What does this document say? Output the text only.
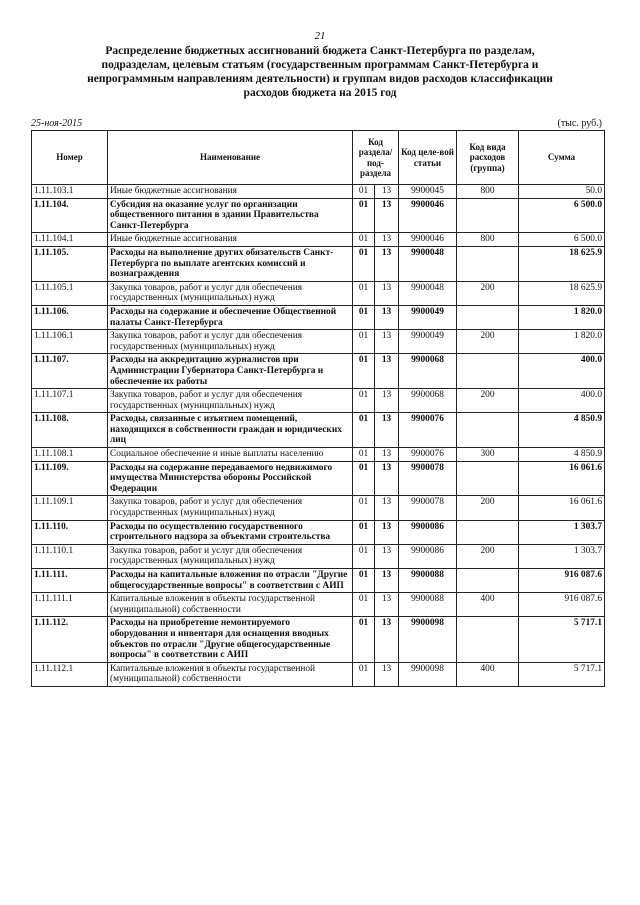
21
Распределение бюджетных ассигнований бюджета Санкт-Петербурга по разделам, подразделам, целевым статьям (государственным программам Санкт-Петербурга и непрограммным направлениям деятельности) и группам видов расходов классификации расходов бюджета на 2015 год
25-ноя-2015	(тыс. руб.)
Номер	Наименование	Код раздела/под-раздела		Код целе-вой статьи	Код вида расходов (группа)	Сумма
1.11.103.1	Иные бюджетные ассигнования	01	13	9900045	800	50.0
1.11.104.	Субсидия на оказание услуг по организации общественного питания в здании Правительства Санкт-Петербурга	01	13	9900046		6 500.0
1.11.104.1	Иные бюджетные ассигнования	01	13	9900046	800	6 500.0
1.11.105.	Расходы на выполнение других обязательств Санкт-Петербурга по выплате агентских комиссий и вознаграждения	01	13	9900048		18 625.9
1.11.105.1	Закупка товаров, работ и услуг для обеспечения государственных (муниципальных) нужд	01	13	9900048	200	18 625.9
1.11.106.	Расходы на содержание и обеспечение Общественной палаты Санкт-Петербурга	01	13	9900049		1 820.0
1.11.106.1	Закупка товаров, работ и услуг для обеспечения государственных (муниципальных) нужд	01	13	9900049	200	1 820.0
1.11.107.	Расходы на аккредитацию журналистов при Администрации Губернатора Санкт-Петербурга и обеспечение их работы	01	13	9900068		400.0
1.11.107.1	Закупка товаров, работ и услуг для обеспечения государственных (муниципальных) нужд	01	13	9900068	200	400.0
1.11.108.	Расходы, связанные с изъятием помещений, находящихся в собственности граждан и юридических лиц	01	13	9900076		4 850.9
1.11.108.1	Социальное обеспечение и иные выплаты населению	01	13	9900076	300	4 850.9
1.11.109.	Расходы на содержание передаваемого недвижимого имущества Министерства обороны Российской Федерации	01	13	9900078		16 061.6
1.11.109.1	Закупка товаров, работ и услуг для обеспечения государственных (муниципальных) нужд	01	13	9900078	200	16 061.6
1.11.110.	Расходы по осуществлению государственного строительного надзора за объектами строительства	01	13	9900086		1 303.7
1.11.110.1	Закупка товаров, работ и услуг для обеспечения государственных (муниципальных) нужд	01	13	9900086	200	1 303.7
1.11.111.	Расходы на капитальные вложения по отрасли "Другие общегосударственные вопросы" в соответствии с АИП	01	13	9900088		916 087.6
1.11.111.1	Капитальные вложения в объекты государственной (муниципальной) собственности	01	13	9900088	400	916 087.6
1.11.112.	Расходы на приобретение немонтируемого оборудования и инвентаря для оснащения вводных объектов по отрасли "Другие общегосударственные вопросы" в соответствии с АИП	01	13	9900098		5 717.1
1.11.112.1	Капитальные вложения в объекты государственной (муниципальной) собственности	01	13	9900098	400	5 717.1
